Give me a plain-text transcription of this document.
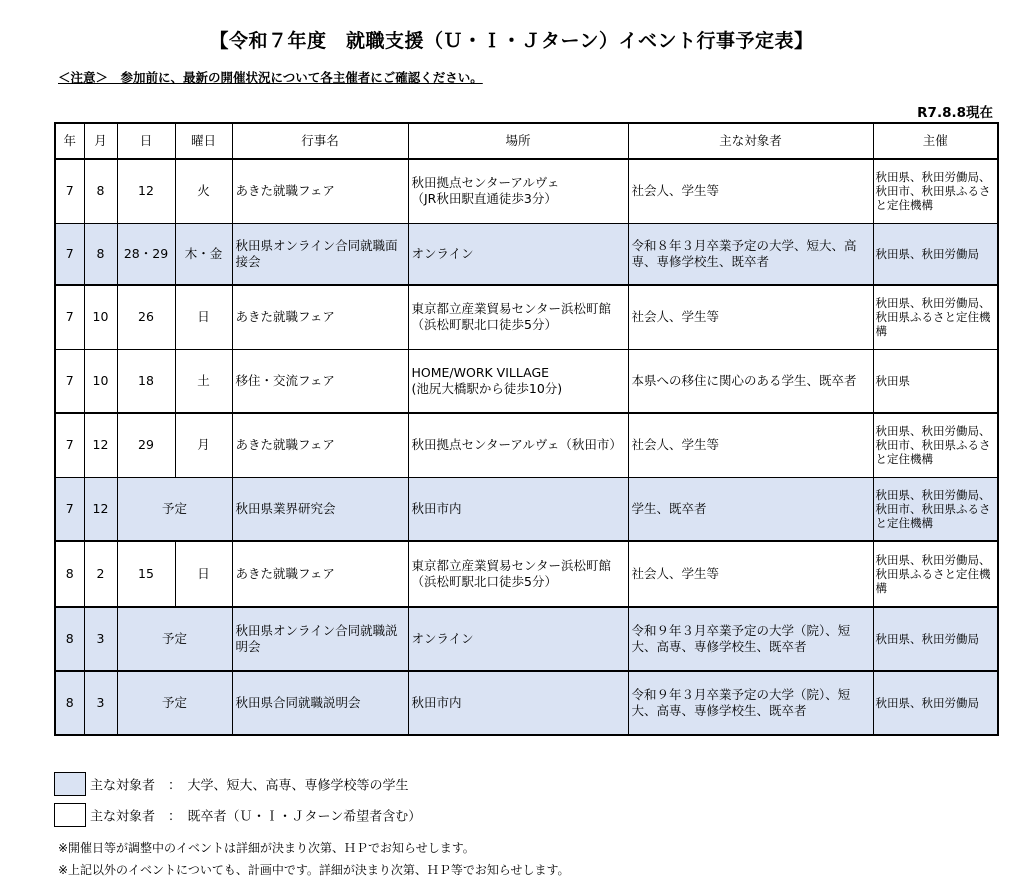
【令和７年度　就職支援（Ｕ・Ｉ・Ｊターン）イベント行事予定表】
＜注意＞　参加前に、最新の開催状況について各主催者にご確認ください。
R7.8.8現在
年	月	日	曜日	行事名	場所	主な対象者	主催
7	8	12	火	あきた就職フェア	秋田拠点センターアルヴェ
（JR秋田駅直通徒歩3分）	社会人、学生等	秋田県、秋田労働局、秋田市、秋田県ふるさと定住機構
7	8	28・29	木・金	秋田県オンライン合同就職面接会	オンライン	令和８年３月卒業予定の大学、短大、高専、専修学校生、既卒者	秋田県、秋田労働局
7	10	26	日	あきた就職フェア	東京都立産業貿易センター浜松町館
（浜松町駅北口徒歩5分）	社会人、学生等	秋田県、秋田労働局、秋田県ふるさと定住機構
7	10	18	土	移住・交流フェア	HOME/WORK VILLAGE
(池尻大橋駅から徒歩10分)	本県への移住に関心のある学生、既卒者	秋田県
7	12	29	月	あきた就職フェア	秋田拠点センターアルヴェ（秋田市）	社会人、学生等	秋田県、秋田労働局、秋田市、秋田県ふるさと定住機構
7	12	予定		秋田県業界研究会	秋田市内	学生、既卒者	秋田県、秋田労働局、秋田市、秋田県ふるさと定住機構
8	2	15	日	あきた就職フェア	東京都立産業貿易センター浜松町館
（浜松町駅北口徒歩5分）	社会人、学生等	秋田県、秋田労働局、秋田県ふるさと定住機構
8	3	予定		秋田県オンライン合同就職説明会	オンライン	令和９年３月卒業予定の大学（院）、短大、高専、専修学校生、既卒者	秋田県、秋田労働局
8	3	予定		秋田県合同就職説明会	秋田市内	令和９年３月卒業予定の大学（院）、短大、高専、専修学校生、既卒者	秋田県、秋田労働局
主な対象者　：　大学、短大、高専、専修学校等の学生
主な対象者　：　既卒者（Ｕ・Ｉ・Ｊターン希望者含む）
※開催日等が調整中のイベントは詳細が決まり次第、ＨＰでお知らせします。
※上記以外のイベントについても、計画中です。詳細が決まり次第、ＨＰ等でお知らせします。
